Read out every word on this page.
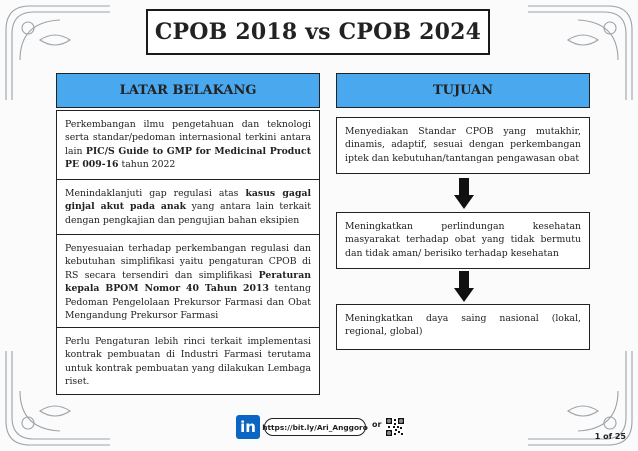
CPOB 2018 vs CPOB 2024
LATAR BELAKANG	TUJUAN
Perkembangan ilmu pengetahuan dan teknologi serta standar/pedoman internasional terkini antara lain PIC/S Guide to GMP for Medicinal Product PE 009-16 tahun 2022
Menindaklanjuti gap regulasi atas kasus gagal ginjal akut pada anak yang antara lain terkait dengan pengkajian dan pengujian bahan eksipien
Penyesuaian terhadap perkembangan regulasi dan kebutuhan simplifikasi yaitu pengaturan CPOB di RS secara tersendiri dan simplifikasi Peraturan kepala BPOM Nomor 40 Tahun 2013 tentang Pedoman Pengelolaan Prekursor Farmasi dan Obat Mengandung Prekursor Farmasi
Perlu Pengaturan lebih rinci terkait implementasi kontrak pembuatan di Industri Farmasi terutama untuk kontrak pembuatan yang dilakukan Lembaga riset.
Menyediakan Standar CPOB yang mutakhir, dinamis, adaptif, sesuai dengan perkembangan iptek dan kebutuhan/tantangan pengawasan obat
Meningkatkan perlindungan kesehatan masyarakat terhadap obat yang tidak bermutu dan tidak aman/ berisiko terhadap kesehatan
Meningkatkan daya saing nasional (lokal, regional, global)
in https://bit.ly/Ari_Anggoro or
1 of 25
